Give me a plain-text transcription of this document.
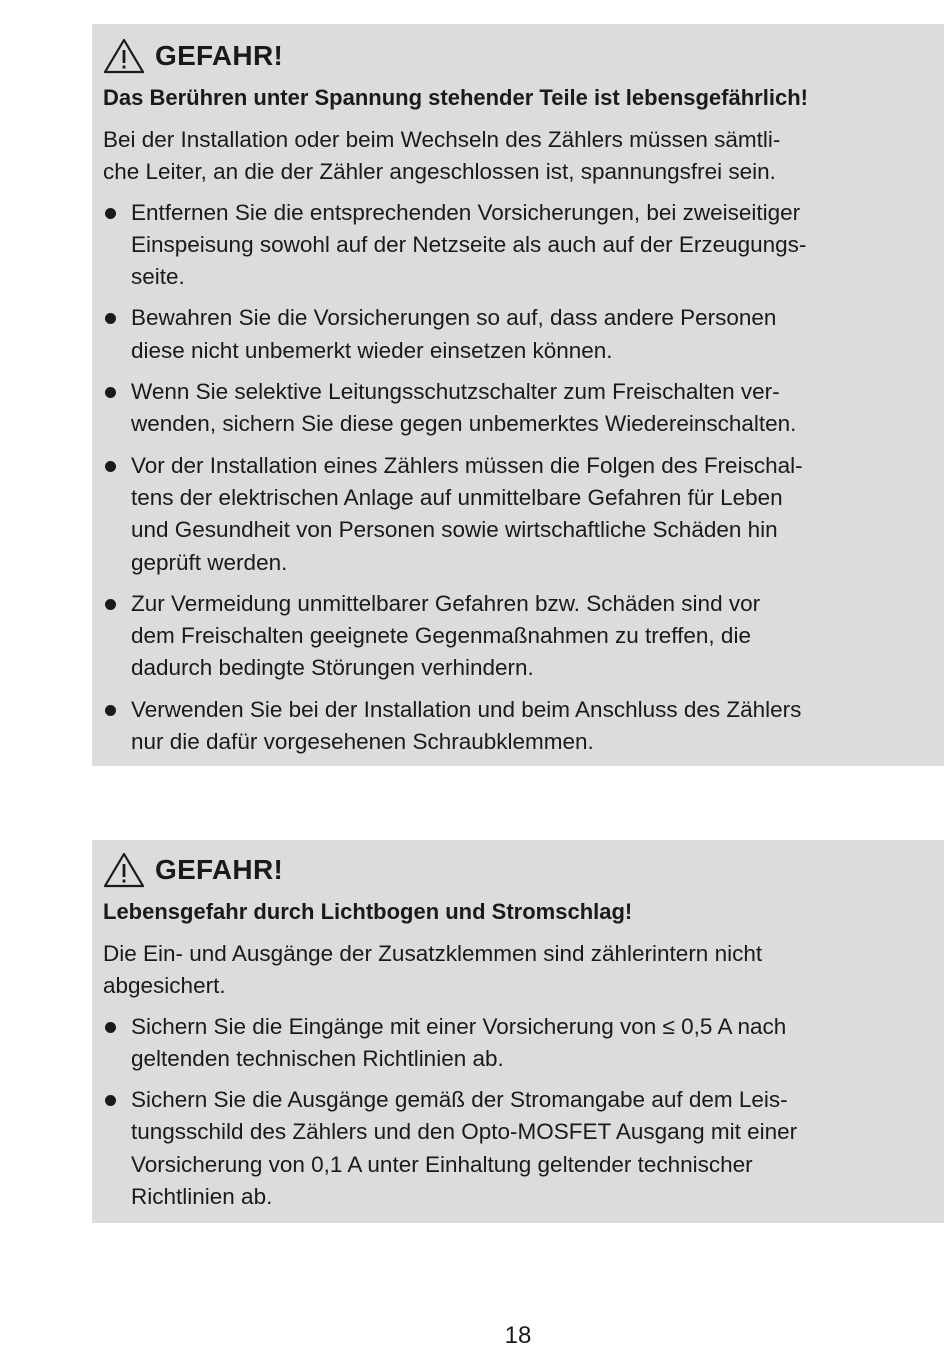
GEFAHR!
Das Berühren unter Spannung stehender Teile ist lebensgefährlich!
Bei der Installation oder beim Wechseln des Zählers müssen sämtli-
che Leiter, an die der Zähler angeschlossen ist, spannungsfrei sein.
Entfernen Sie die entsprechenden Vorsicherungen, bei zweiseitiger
Einspeisung sowohl auf der Netzseite als auch auf der Erzeugungs-
seite.
Bewahren Sie die Vorsicherungen so auf, dass andere Personen
diese nicht unbemerkt wieder einsetzen können.
Wenn Sie selektive Leitungsschutzschalter zum Freischalten ver-
wenden, sichern Sie diese gegen unbemerktes Wiedereinschalten.
Vor der Installation eines Zählers müssen die Folgen des Freischal-
tens der elektrischen Anlage auf unmittelbare Gefahren für Leben
und Gesundheit von Personen sowie wirtschaftliche Schäden hin
geprüft werden.
Zur Vermeidung unmittelbarer Gefahren bzw. Schäden sind vor
dem Freischalten geeignete Gegenmaßnahmen zu treffen, die
dadurch bedingte Störungen verhindern.
Verwenden Sie bei der Installation und beim Anschluss des Zählers
nur die dafür vorgesehenen Schraubklemmen.
GEFAHR!
Lebensgefahr durch Lichtbogen und Stromschlag!
Die Ein- und Ausgänge der Zusatzklemmen sind zählerintern nicht
abgesichert.
Sichern Sie die Eingänge mit einer Vorsicherung von ≤ 0,5 A nach
geltenden technischen Richtlinien ab.
Sichern Sie die Ausgänge gemäß der Stromangabe auf dem Leis-
tungsschild des Zählers und den Opto-MOSFET Ausgang mit einer
Vorsicherung von 0,1 A unter Einhaltung geltender technischer
Richtlinien ab.
18
